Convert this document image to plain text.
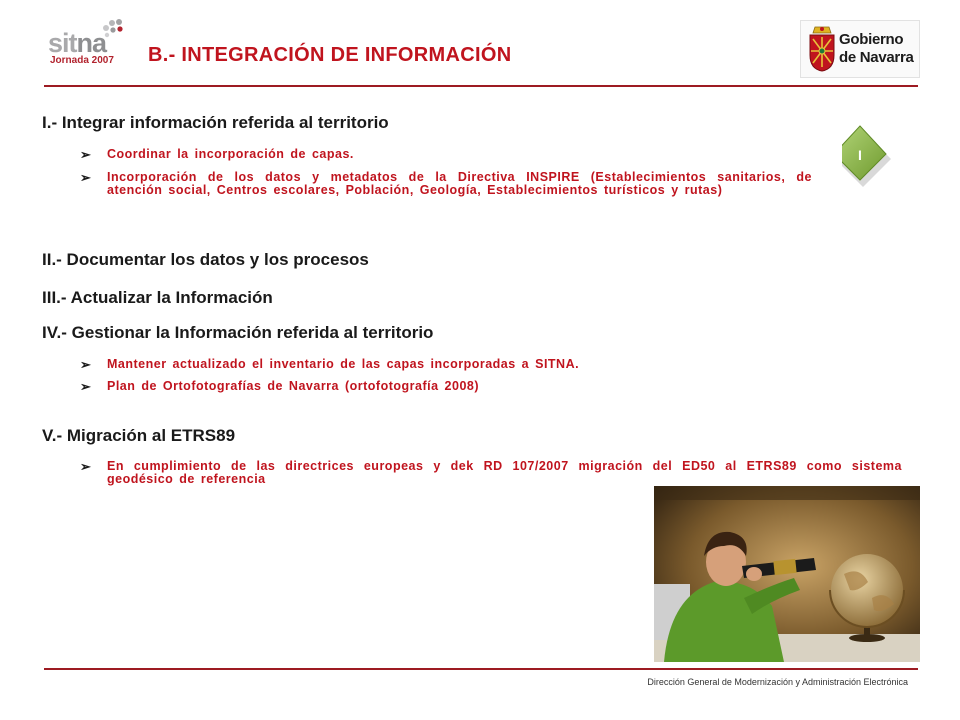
sitna
Jornada 2007 B.- INTEGRACIÓN DE INFORMACIÓN
Gobierno
de Navarra
I
I.- Integrar información referida al territorio
➢ Coordinar la incorporación de capas.
➢ Incorporación de los datos y metadatos de la Directiva INSPIRE (Establecimientos sanitarios, de atención social, Centros escolares, Población, Geología, Establecimientos turísticos y rutas)
II.- Documentar los datos y los procesos
III.- Actualizar la Información
IV.- Gestionar la Información referida al territorio
➢ Mantener actualizado el inventario de las capas incorporadas a SITNA.
➢ Plan de Ortofotografías de Navarra (ortofotografía 2008)
V.- Migración al ETRS89
➢ En cumplimiento de las directrices europeas y dek RD 107/2007 migración del ED50 al ETRS89 como sistema geodésico de referencia
Dirección General de Modernización y Administración Electrónica
